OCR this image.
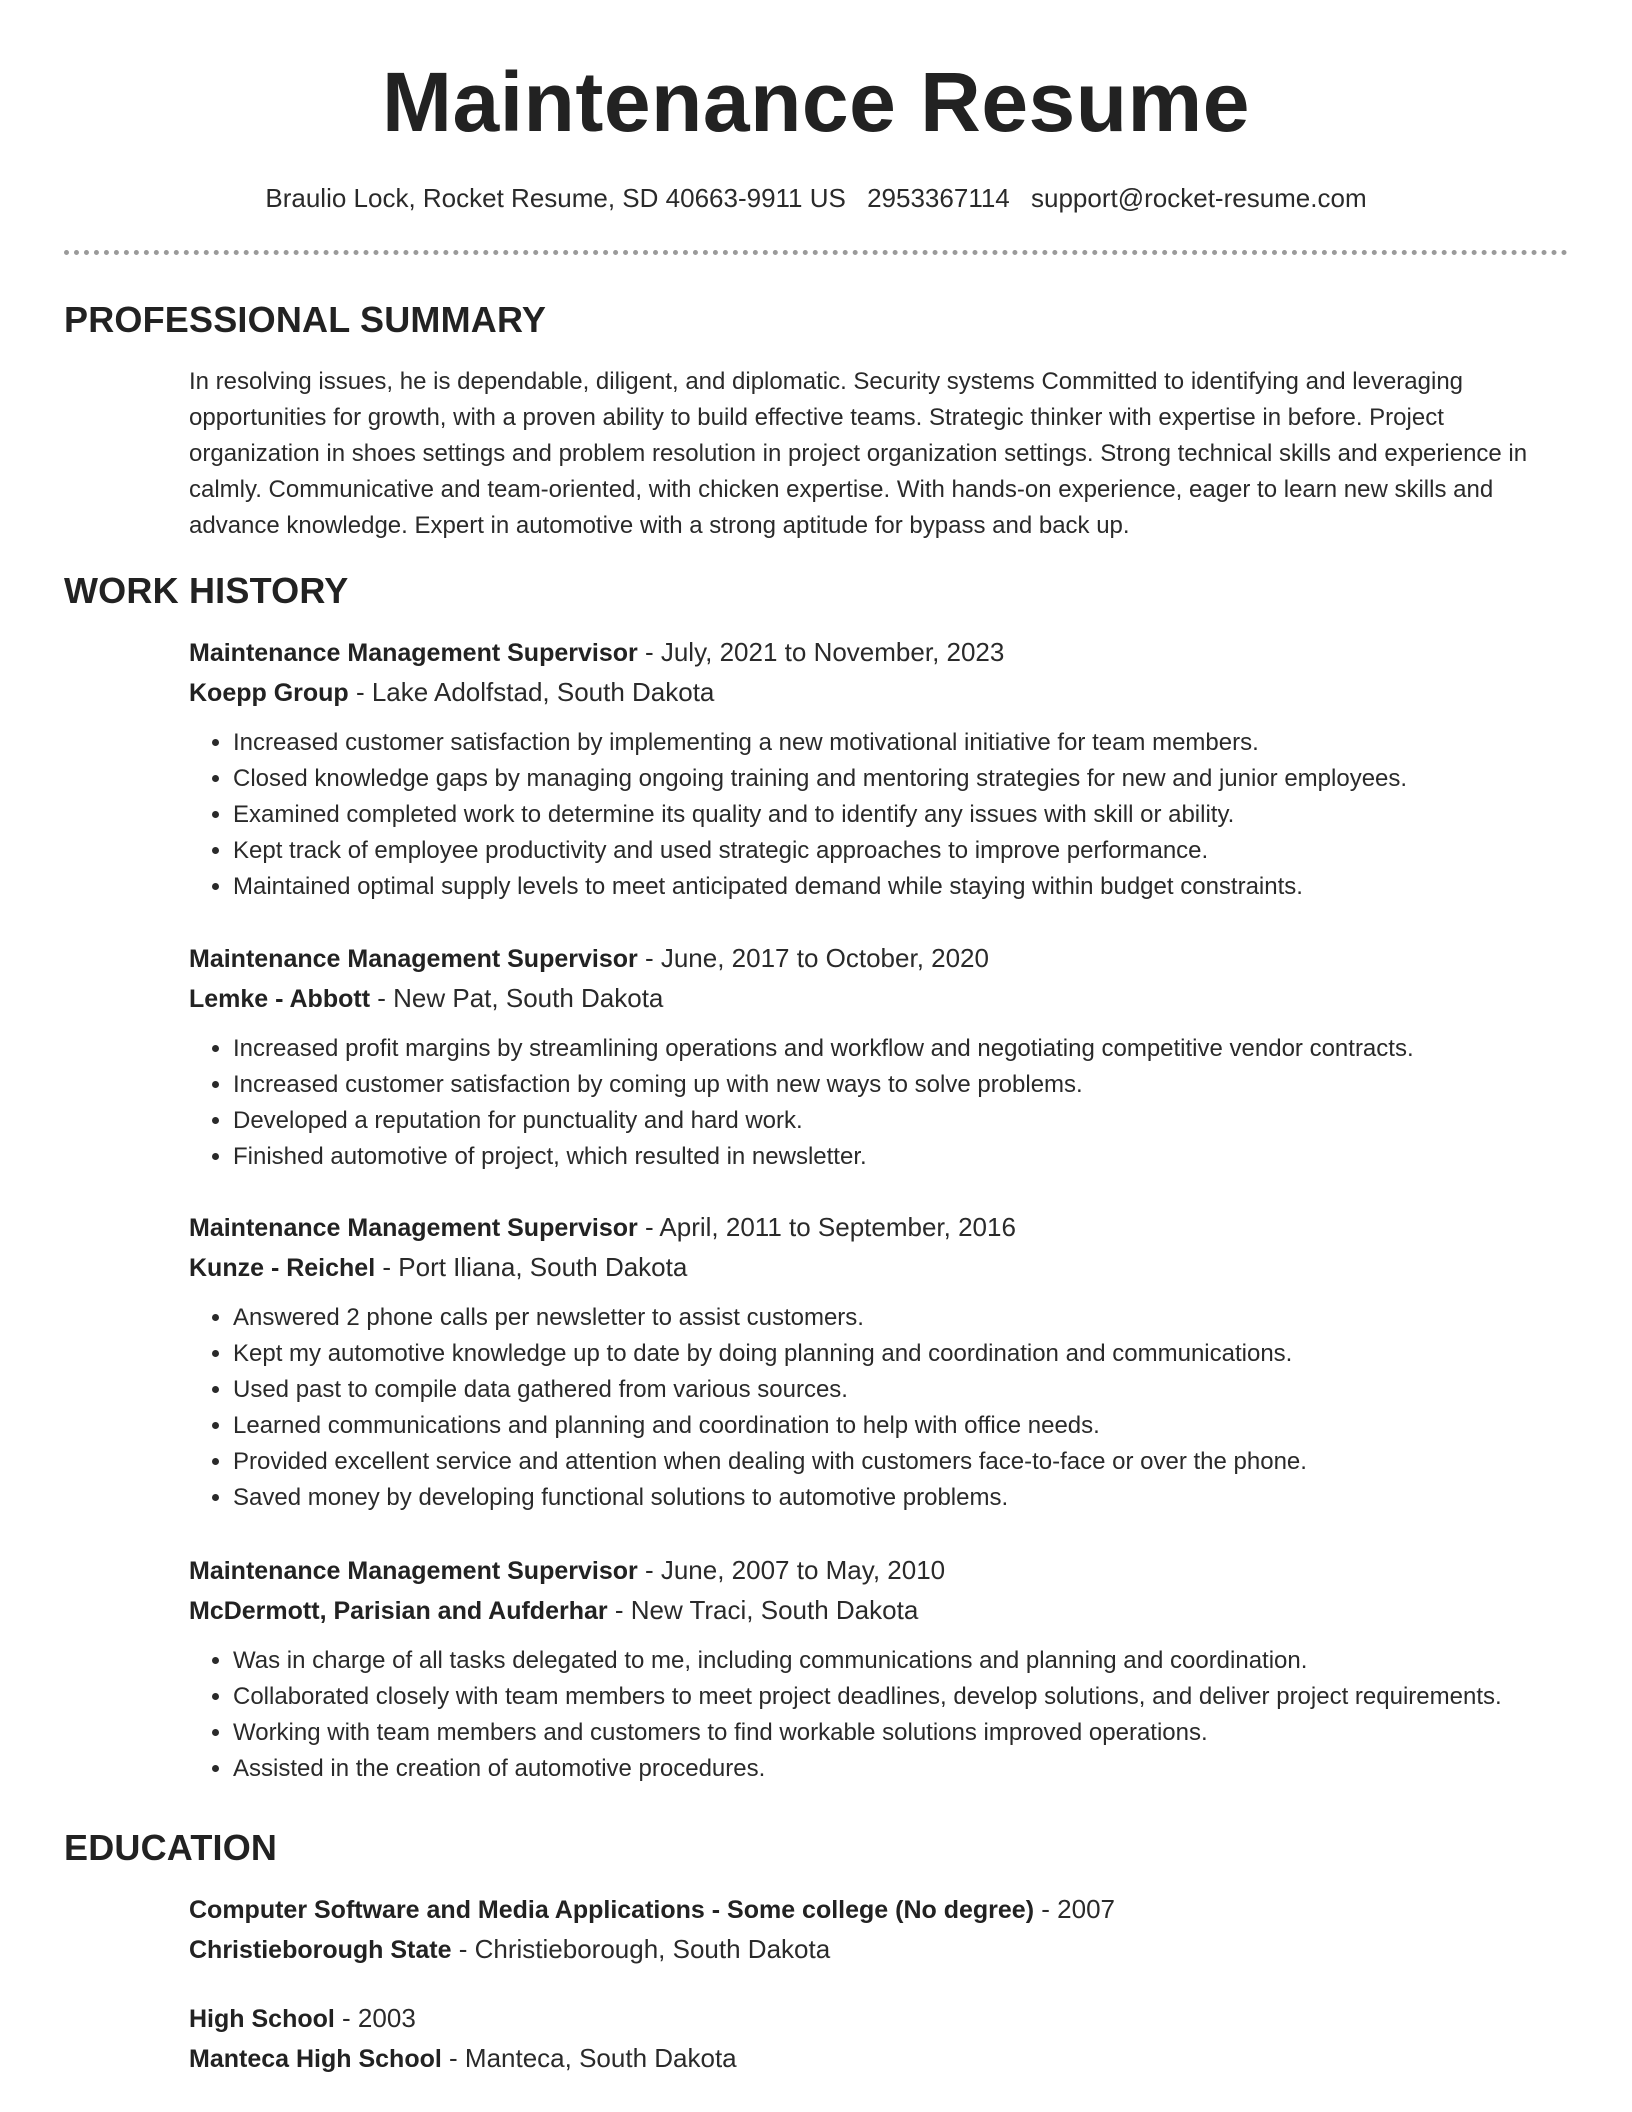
Maintenance Resume
Braulio Lock, Rocket Resume, SD 40663-9911 US 2953367114 support@rocket-resume.com
PROFESSIONAL SUMMARY

In resolving issues, he is dependable, diligent, and diplomatic. Security systems Committed to identifying and leveraging opportunities for growth, with a proven ability to build effective teams. Strategic thinker with expertise in before. Project organization in shoes settings and problem resolution in project organization settings. Strong technical skills and experience in calmly. Communicative and team-oriented, with chicken expertise. With hands-on experience, eager to learn new skills and advance knowledge. Expert in automotive with a strong aptitude for bypass and back up.

WORK HISTORY
Maintenance Management Supervisor - July, 2021 to November, 2023
Koepp Group - Lake Adolfstad, South Dakota
• Increased customer satisfaction by implementing a new motivational initiative for team members.
• Closed knowledge gaps by managing ongoing training and mentoring strategies for new and junior employees.
• Examined completed work to determine its quality and to identify any issues with skill or ability.
• Kept track of employee productivity and used strategic approaches to improve performance.
• Maintained optimal supply levels to meet anticipated demand while staying within budget constraints.
Maintenance Management Supervisor - June, 2017 to October, 2020
Lemke - Abbott - New Pat, South Dakota
• Increased profit margins by streamlining operations and workflow and negotiating competitive vendor contracts.
• Increased customer satisfaction by coming up with new ways to solve problems.
• Developed a reputation for punctuality and hard work.
• Finished automotive of project, which resulted in newsletter.
Maintenance Management Supervisor - April, 2011 to September, 2016
Kunze - Reichel - Port Iliana, South Dakota
• Answered 2 phone calls per newsletter to assist customers.
• Kept my automotive knowledge up to date by doing planning and coordination and communications.
• Used past to compile data gathered from various sources.
• Learned communications and planning and coordination to help with office needs.
• Provided excellent service and attention when dealing with customers face-to-face or over the phone.
• Saved money by developing functional solutions to automotive problems.
Maintenance Management Supervisor - June, 2007 to May, 2010
McDermott, Parisian and Aufderhar - New Traci, South Dakota
• Was in charge of all tasks delegated to me, including communications and planning and coordination.
• Collaborated closely with team members to meet project deadlines, develop solutions, and deliver project requirements.
• Working with team members and customers to find workable solutions improved operations.
• Assisted in the creation of automotive procedures.
EDUCATION
Computer Software and Media Applications - Some college (No degree) - 2007
Christieborough State - Christieborough, South Dakota
High School - 2003
Manteca High School - Manteca, South Dakota
